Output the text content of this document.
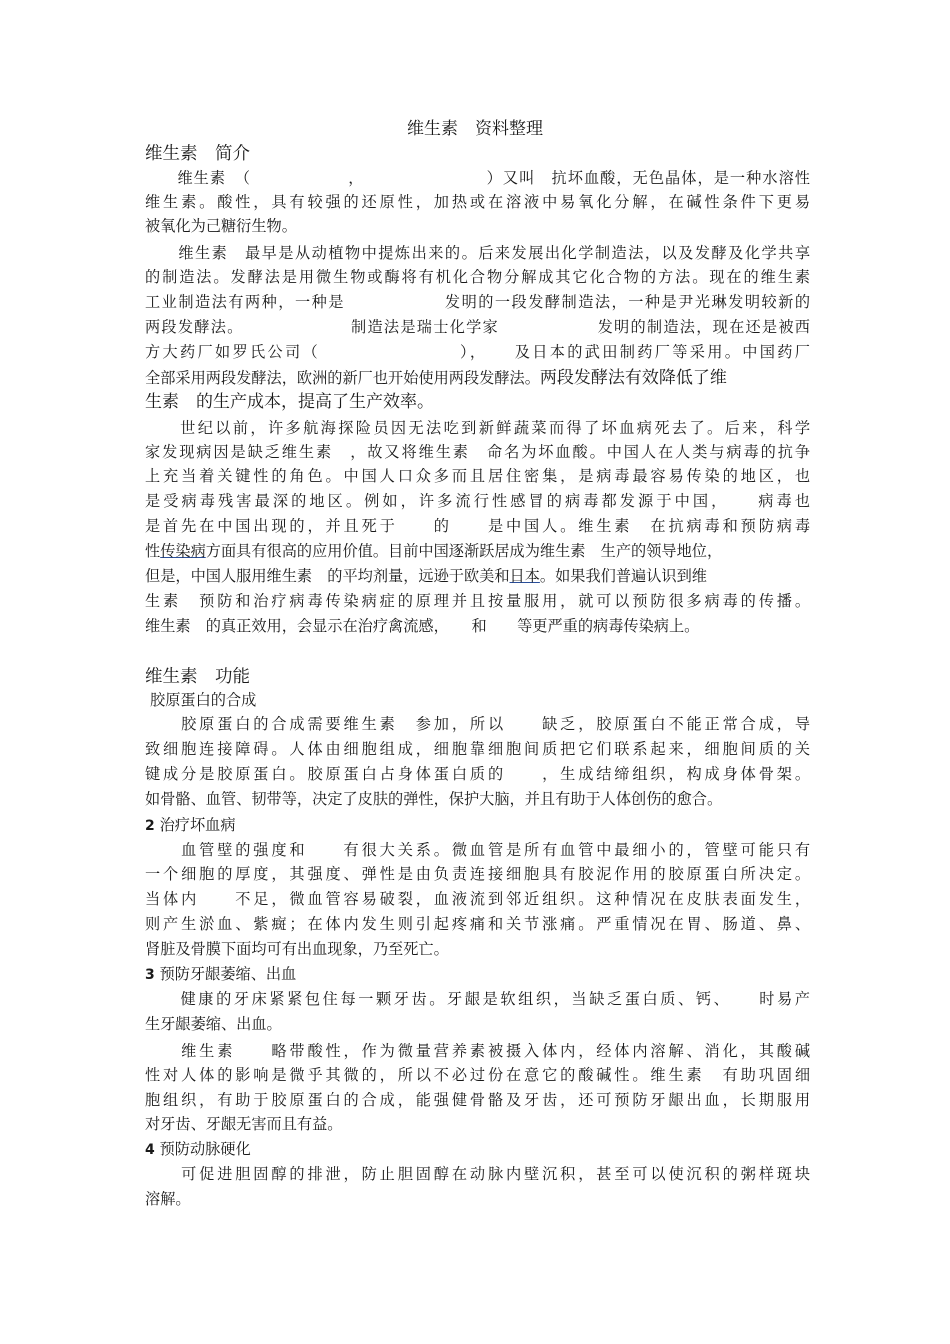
维生素　资料整理
维生素　简介
　　维生素　（　　　　　　，　　　　　　　　）又叫　抗坏血酸，无色晶体，是一种水溶性
维生素。酸性，具有较强的还原性，加热或在溶液中易氧化分解，在碱性条件下更易
被氧化为己糖衍生物。
　　维生素　最早是从动植物中提炼出来的。后来发展出化学制造法，以及发酵及化学共享
的制造法。发酵法是用微生物或酶将有机化合物分解成其它化合物的方法。现在的维生素
工业制造法有两种，一种是　　　　　　发明的一段发酵制造法，一种是尹光琳发明较新的
两段发酵法。　　　　　　　制造法是瑞士化学家　　　　　　发明的制造法，现在还是被西
方大药厂如罗氏公司（　　　　　　　　），　　及日本的武田制药厂等采用。中国药厂
全部采用两段发酵法，欧洲的新厂也开始使用两段发酵法。两段发酵法有效降低了维
生素　的生产成本，提高了生产效率。
　　世纪以前，许多航海探险员因无法吃到新鲜蔬菜而得了坏血病死去了。后来，科学
家发现病因是缺乏维生素　，故又将维生素　命名为坏血酸。中国人在人类与病毒的抗争
上充当着关键性的角色。中国人口众多而且居住密集，是病毒最容易传染的地区，也
是受病毒残害最深的地区。例如，许多流行性感冒的病毒都发源于中国，　　病毒也
是首先在中国出现的，并且死于　　的　　是中国人。维生素　在抗病毒和预防病毒
性传染病方面具有很高的应用价值。目前中国逐渐跃居成为维生素　生产的领导地位，
但是，中国人服用维生素　的平均剂量，远逊于欧美和日本。如果我们普遍认识到维
生素　预防和治疗病毒传染病症的原理并且按量服用，就可以预防很多病毒的传播。
维生素　的真正效用，会显示在治疗禽流感，　　和　　等更严重的病毒传染病上。
维生素　功能
胶原蛋白的合成
　　胶原蛋白的合成需要维生素　参加，所以　　缺乏，胶原蛋白不能正常合成，导
致细胞连接障碍。人体由细胞组成，细胞靠细胞间质把它们联系起来，细胞间质的关
键成分是胶原蛋白。胶原蛋白占身体蛋白质的　　，生成结缔组织，构成身体骨架。
如骨骼、血管、韧带等，决定了皮肤的弹性，保护大脑，并且有助于人体创伤的愈合。
2 治疗坏血病
　　血管壁的强度和　　有很大关系。微血管是所有血管中最细小的，管壁可能只有
一个细胞的厚度，其强度、弹性是由负责连接细胞具有胶泥作用的胶原蛋白所决定。
当体内　　不足，微血管容易破裂，血液流到邻近组织。这种情况在皮肤表面发生，
则产生淤血、紫癍；在体内发生则引起疼痛和关节涨痛。严重情况在胃、肠道、鼻、
肾脏及骨膜下面均可有出血现象，乃至死亡。
3 预防牙龈萎缩、出血
　　健康的牙床紧紧包住每一颗牙齿。牙龈是软组织，当缺乏蛋白质、钙、　　时易产
生牙龈萎缩、出血。
　　维生素　　略带酸性，作为微量营养素被摄入体内，经体内溶解、消化，其酸碱
性对人体的影响是微乎其微的，所以不必过份在意它的酸碱性。维生素　有助巩固细
胞组织，有助于胶原蛋白的合成，能强健骨骼及牙齿，还可预防牙龈出血，长期服用
对牙齿、牙龈无害而且有益。
4 预防动脉硬化
　　可促进胆固醇的排泄，防止胆固醇在动脉内壁沉积，甚至可以使沉积的粥样斑块
溶解。
